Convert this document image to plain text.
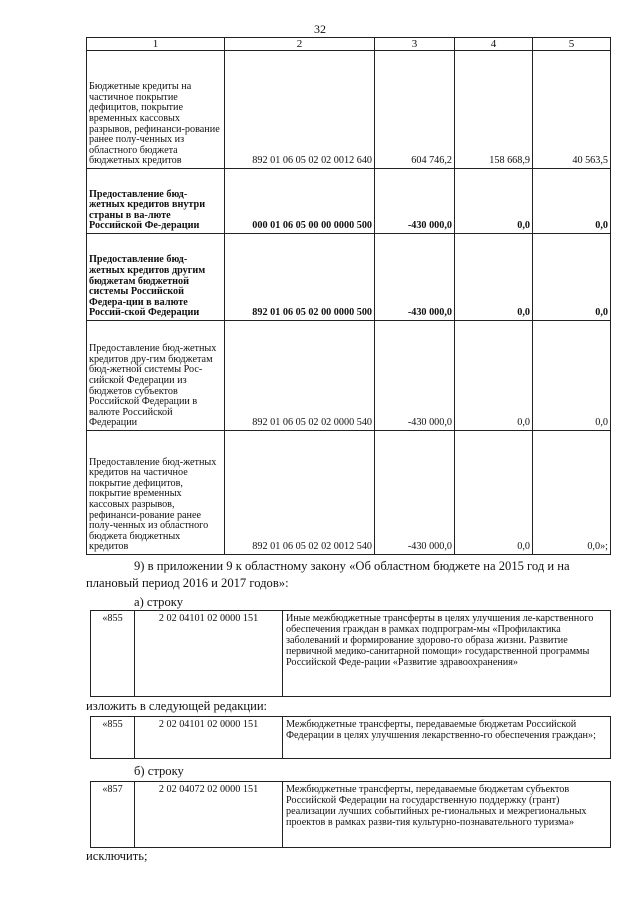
32
1	2	3	4	5
Бюджетные кредиты на частичное покрытие дефицитов, покрытие временных кассовых разрывов, рефинанси-рование ранее полу-ченных из областного бюджета бюджетных кредитов	892 01 06 05 02 02 0012 640	604 746,2	158 668,9	40 563,5
Предоставление бюд-жетных кредитов внутри страны в ва-люте Российской Фе-дерации	000 01 06 05 00 00 0000 500	-430 000,0	0,0	0,0
Предоставление бюд-жетных кредитов другим бюджетам бюджетной системы Российской Федера-ции в валюте Россий-ской Федерации	892 01 06 05 02 00 0000 500	-430 000,0	0,0	0,0
Предоставление бюд-жетных кредитов дру-гим бюджетам бюд-жетной системы Рос-сийской Федерации из бюджетов субъектов Российской Федерации в валюте Российской Федерации	892 01 06 05 02 02 0000 540	-430 000,0	0,0	0,0
Предоставление бюд-жетных кредитов на частичное покрытие дефицитов, покрытие временных кассовых разрывов, рефинанси-рование ранее полу-ченных из областного бюджета бюджетных кредитов	892 01 06 05 02 02 0012 540	-430 000,0	0,0	0,0»;
9) в приложении 9 к областному закону «Об областном бюджете на 2015 год и на плановый период 2016 и 2017 годов»:
а) строку
«855	2 02 04101 02 0000 151	Иные межбюджетные трансферты в целях улучшения ле-карственного обеспечения граждан в рамках подпрограм-мы «Профилактика заболеваний и формирование здорово-го образа жизни. Развитие первичной медико-санитарной помощи» государственной программы Российской Феде-рации «Развитие здравоохранения»
изложить в следующей редакции:
«855	2 02 04101 02 0000 151	Межбюджетные трансферты, передаваемые бюджетам Российской Федерации в целях улучшения лекарственно-го обеспечения граждан»;
б) строку
«857	2 02 04072 02 0000 151	Межбюджетные трансферты, передаваемые бюджетам субъектов Российской Федерации на государственную поддержку (грант) реализации лучших событийных ре-гиональных и межрегиональных проектов в рамках разви-тия культурно-познавательного туризма»
исключить;
